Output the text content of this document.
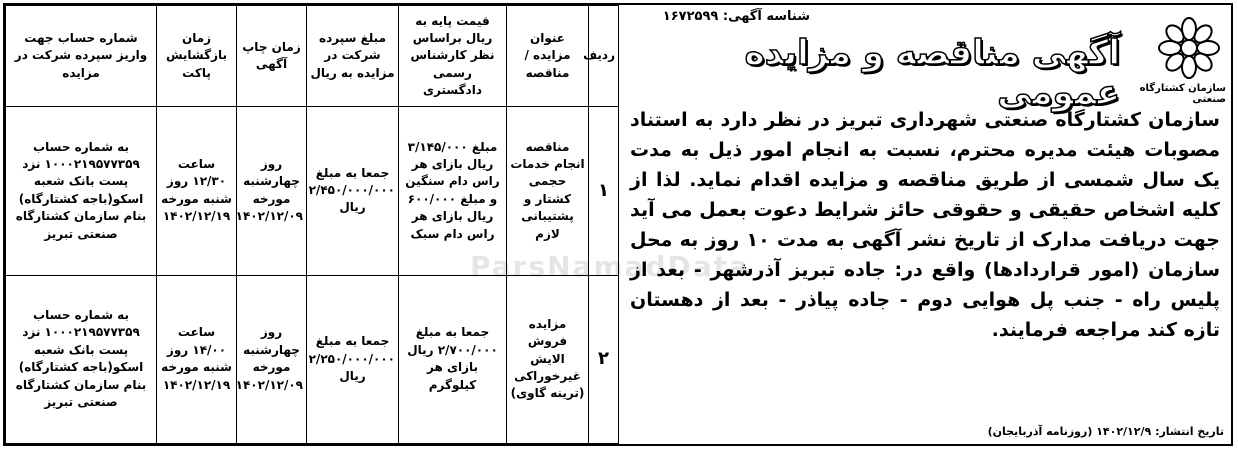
ردیف	عنوان مزایده / مناقصه	قیمت پایه به ریال براساس نظر کارشناس رسمی دادگستری	مبلغ سپرده شرکت در مزایده به ریال	زمان چاپ آگهی	زمان بازگشایش پاکت	شماره حساب جهت واریز سپرده شرکت در مزایده
۱	مناقصه انجام خدمات حجمی کشتار و پشتیبانی لازم	مبلغ ۳/۱۴۵/۰۰۰ ریال بازای هر راس دام سنگین و مبلغ ۶۰۰/۰۰۰ ریال بازای هر راس دام سبک	جمعا به مبلغ ۲/۴۵۰/۰۰۰/۰۰۰ ریال	روز چهارشنبه مورخه ۱۴۰۲/۱۲/۰۹	ساعت ۱۲/۳۰ روز شنبه مورخه ۱۴۰۲/۱۲/۱۹	به شماره حساب ۱۰۰۰۲۱۹۵۷۷۳۵۹ نزد پست بانک شعبه اسکو(باجه کشتارگاه) بنام سازمان کشتارگاه صنعتی تبریز
۲	مزایده فروش الایش غیرخوراکی (ترینه گاوی)	جمعا به مبلغ ۲/۷۰۰/۰۰۰ ریال بازای هر کیلوگرم	جمعا به مبلغ ۲/۲۵۰/۰۰۰/۰۰۰ ریال	روز چهارشنبه مورخه ۱۴۰۲/۱۲/۰۹	ساعت ۱۴/۰۰ روز شنبه مورخه ۱۴۰۲/۱۲/۱۹	به شماره حساب ۱۰۰۰۲۱۹۵۷۷۳۵۹ نزد پست بانک شعبه اسکو(باجه کشتارگاه) بنام سازمان کشتارگاه صنعتی تبریز
شناسه آگهی: ۱۶۷۲۵۹۹
سازمان کشتارگاه صنعتی
آگهی مناقصه و مزایده عمومی
سازمان کشتارگاه صنعتی شهرداری تبریز در نظر دارد به استناد مصوبات هیئت مدیره محترم، نسبت به انجام امور ذیل به مدت یک سال شمسی از طریق مناقصه و مزایده اقدام نماید. لذا از کلیه اشخاص حقیقی و حقوقی حائز شرایط دعوت بعمل می آید جهت دریافت مدارک از تاریخ نشر آگهی به مدت ۱۰ روز به محل سازمان (امور قراردادها) واقع در: جاده تبریز آذرشهر - بعد از پلیس راه - جنب پل هوایی دوم - جاده پیاذر - بعد از دهستان تازه کند مراجعه فرمایند.
تاریخ انتشار: ۱۴۰۲/۱۲/۹ (روزنامه آذربایجان)
ParsNamadData
